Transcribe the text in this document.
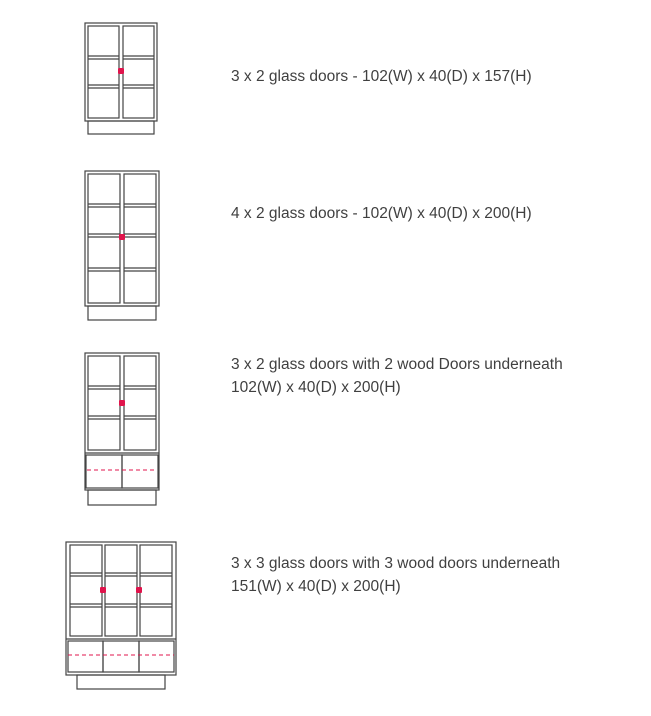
3 x 2 glass doors - 102(W) x 40(D) x 157(H)
4 x 2 glass doors - 102(W) x 40(D) x 200(H)
3 x 2 glass doors with 2 wood Doors underneath
102(W) x 40(D) x 200(H)
3 x 3 glass doors with 3 wood doors underneath
151(W) x 40(D) x 200(H)
